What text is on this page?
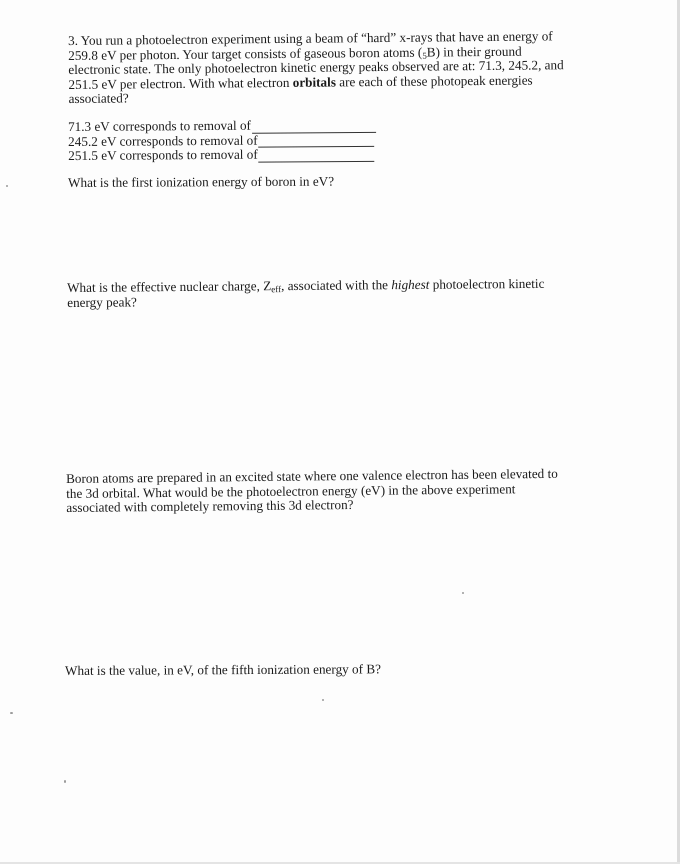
3. You run a photoelectron experiment using a beam of “hard” x-rays that have an energy of
259.8 eV per photon. Your target consists of gaseous boron atoms $(_5B)$ in their ground
electronic state. The only photoelectron kinetic energy peaks observed are at: 71.3, 245.2, and
251.5 eV per electron. With what electron orbitals are each of these photopeak energies
associated?
71.3 eV corresponds to removal of
245.2 eV corresponds to removal of
251.5 eV corresponds to removal of
What is the first ionization energy of boron in eV?
What is the effective nuclear charge, $Z_{eff}$, associated with the highest photoelectron kinetic
energy peak?
Boron atoms are prepared in an excited state where one valence electron has been elevated to
the 3d orbital. What would be the photoelectron energy (eV) in the above experiment
associated with completely removing this 3d electron?
What is the value, in eV, of the fifth ionization energy of B?
